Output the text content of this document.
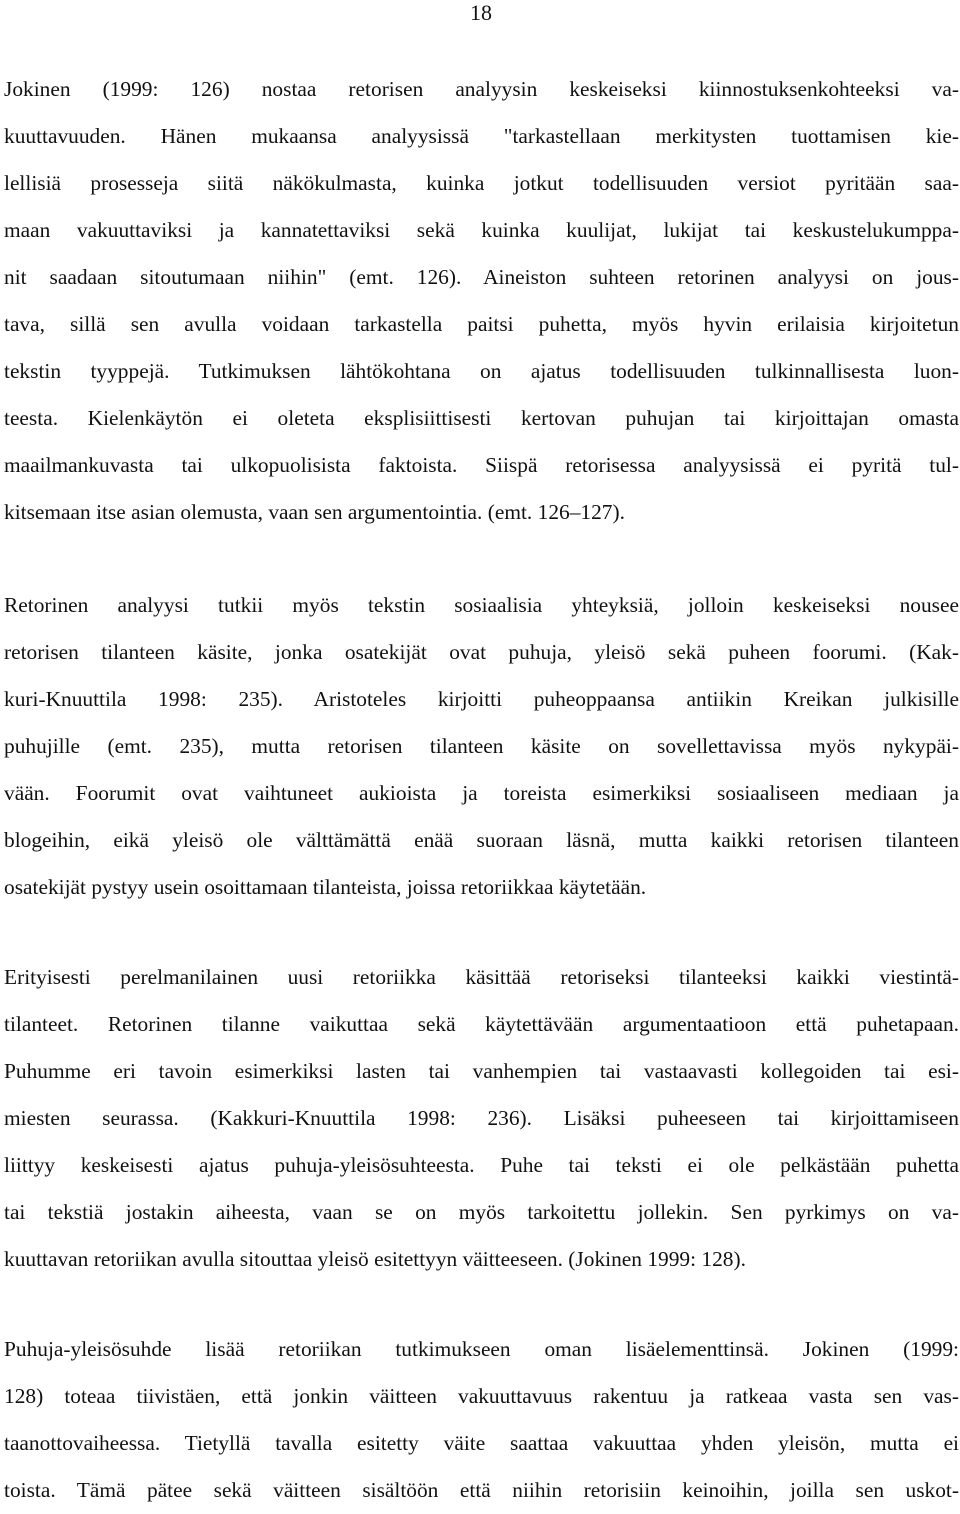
18
Jokinen (1999: 126) nostaa retorisen analyysin keskeiseksi kiinnostuksenkohteeksi va-
kuuttavuuden. Hänen mukaansa analyysissä "tarkastellaan merkitysten tuottamisen kie-
lellisiä prosesseja siitä näkökulmasta, kuinka jotkut todellisuuden versiot pyritään saa-
maan vakuuttaviksi ja kannatettaviksi sekä kuinka kuulijat, lukijat tai keskustelukumppa-
nit saadaan sitoutumaan niihin" (emt. 126). Aineiston suhteen retorinen analyysi on jous-
tava, sillä sen avulla voidaan tarkastella paitsi puhetta, myös hyvin erilaisia kirjoitetun
tekstin tyyppejä. Tutkimuksen lähtökohtana on ajatus todellisuuden tulkinnallisesta luon-
teesta. Kielenkäytön ei oleteta eksplisiittisesti kertovan puhujan tai kirjoittajan omasta
maailmankuvasta tai ulkopuolisista faktoista. Siispä retorisessa analyysissä ei pyritä tul-
kitsemaan itse asian olemusta, vaan sen argumentointia. (emt. 126–127).
Retorinen analyysi tutkii myös tekstin sosiaalisia yhteyksiä, jolloin keskeiseksi nousee
retorisen tilanteen käsite, jonka osatekijät ovat puhuja, yleisö sekä puheen foorumi. (Kak-
kuri-Knuuttila 1998: 235). Aristoteles kirjoitti puheoppaansa antiikin Kreikan julkisille
puhujille (emt. 235), mutta retorisen tilanteen käsite on sovellettavissa myös nykypäi-
vään. Foorumit ovat vaihtuneet aukioista ja toreista esimerkiksi sosiaaliseen mediaan ja
blogeihin, eikä yleisö ole välttämättä enää suoraan läsnä, mutta kaikki retorisen tilanteen
osatekijät pystyy usein osoittamaan tilanteista, joissa retoriikkaa käytetään.
Erityisesti perelmanilainen uusi retoriikka käsittää retoriseksi tilanteeksi kaikki viestintä-
tilanteet. Retorinen tilanne vaikuttaa sekä käytettävään argumentaatioon että puhetapaan.
Puhumme eri tavoin esimerkiksi lasten tai vanhempien tai vastaavasti kollegoiden tai esi-
miesten seurassa. (Kakkuri-Knuuttila 1998: 236). Lisäksi puheeseen tai kirjoittamiseen
liittyy keskeisesti ajatus puhuja-yleisösuhteesta. Puhe tai teksti ei ole pelkästään puhetta
tai tekstiä jostakin aiheesta, vaan se on myös tarkoitettu jollekin. Sen pyrkimys on va-
kuuttavan retoriikan avulla sitouttaa yleisö esitettyyn väitteeseen. (Jokinen 1999: 128).
Puhuja-yleisösuhde lisää retoriikan tutkimukseen oman lisäelementtinsä. Jokinen (1999:
128) toteaa tiivistäen, että jonkin väitteen vakuuttavuus rakentuu ja ratkeaa vasta sen vas-
taanottovaiheessa. Tietyllä tavalla esitetty väite saattaa vakuuttaa yhden yleisön, mutta ei
toista. Tämä pätee sekä väitteen sisältöön että niihin retorisiin keinoihin, joilla sen uskot-
